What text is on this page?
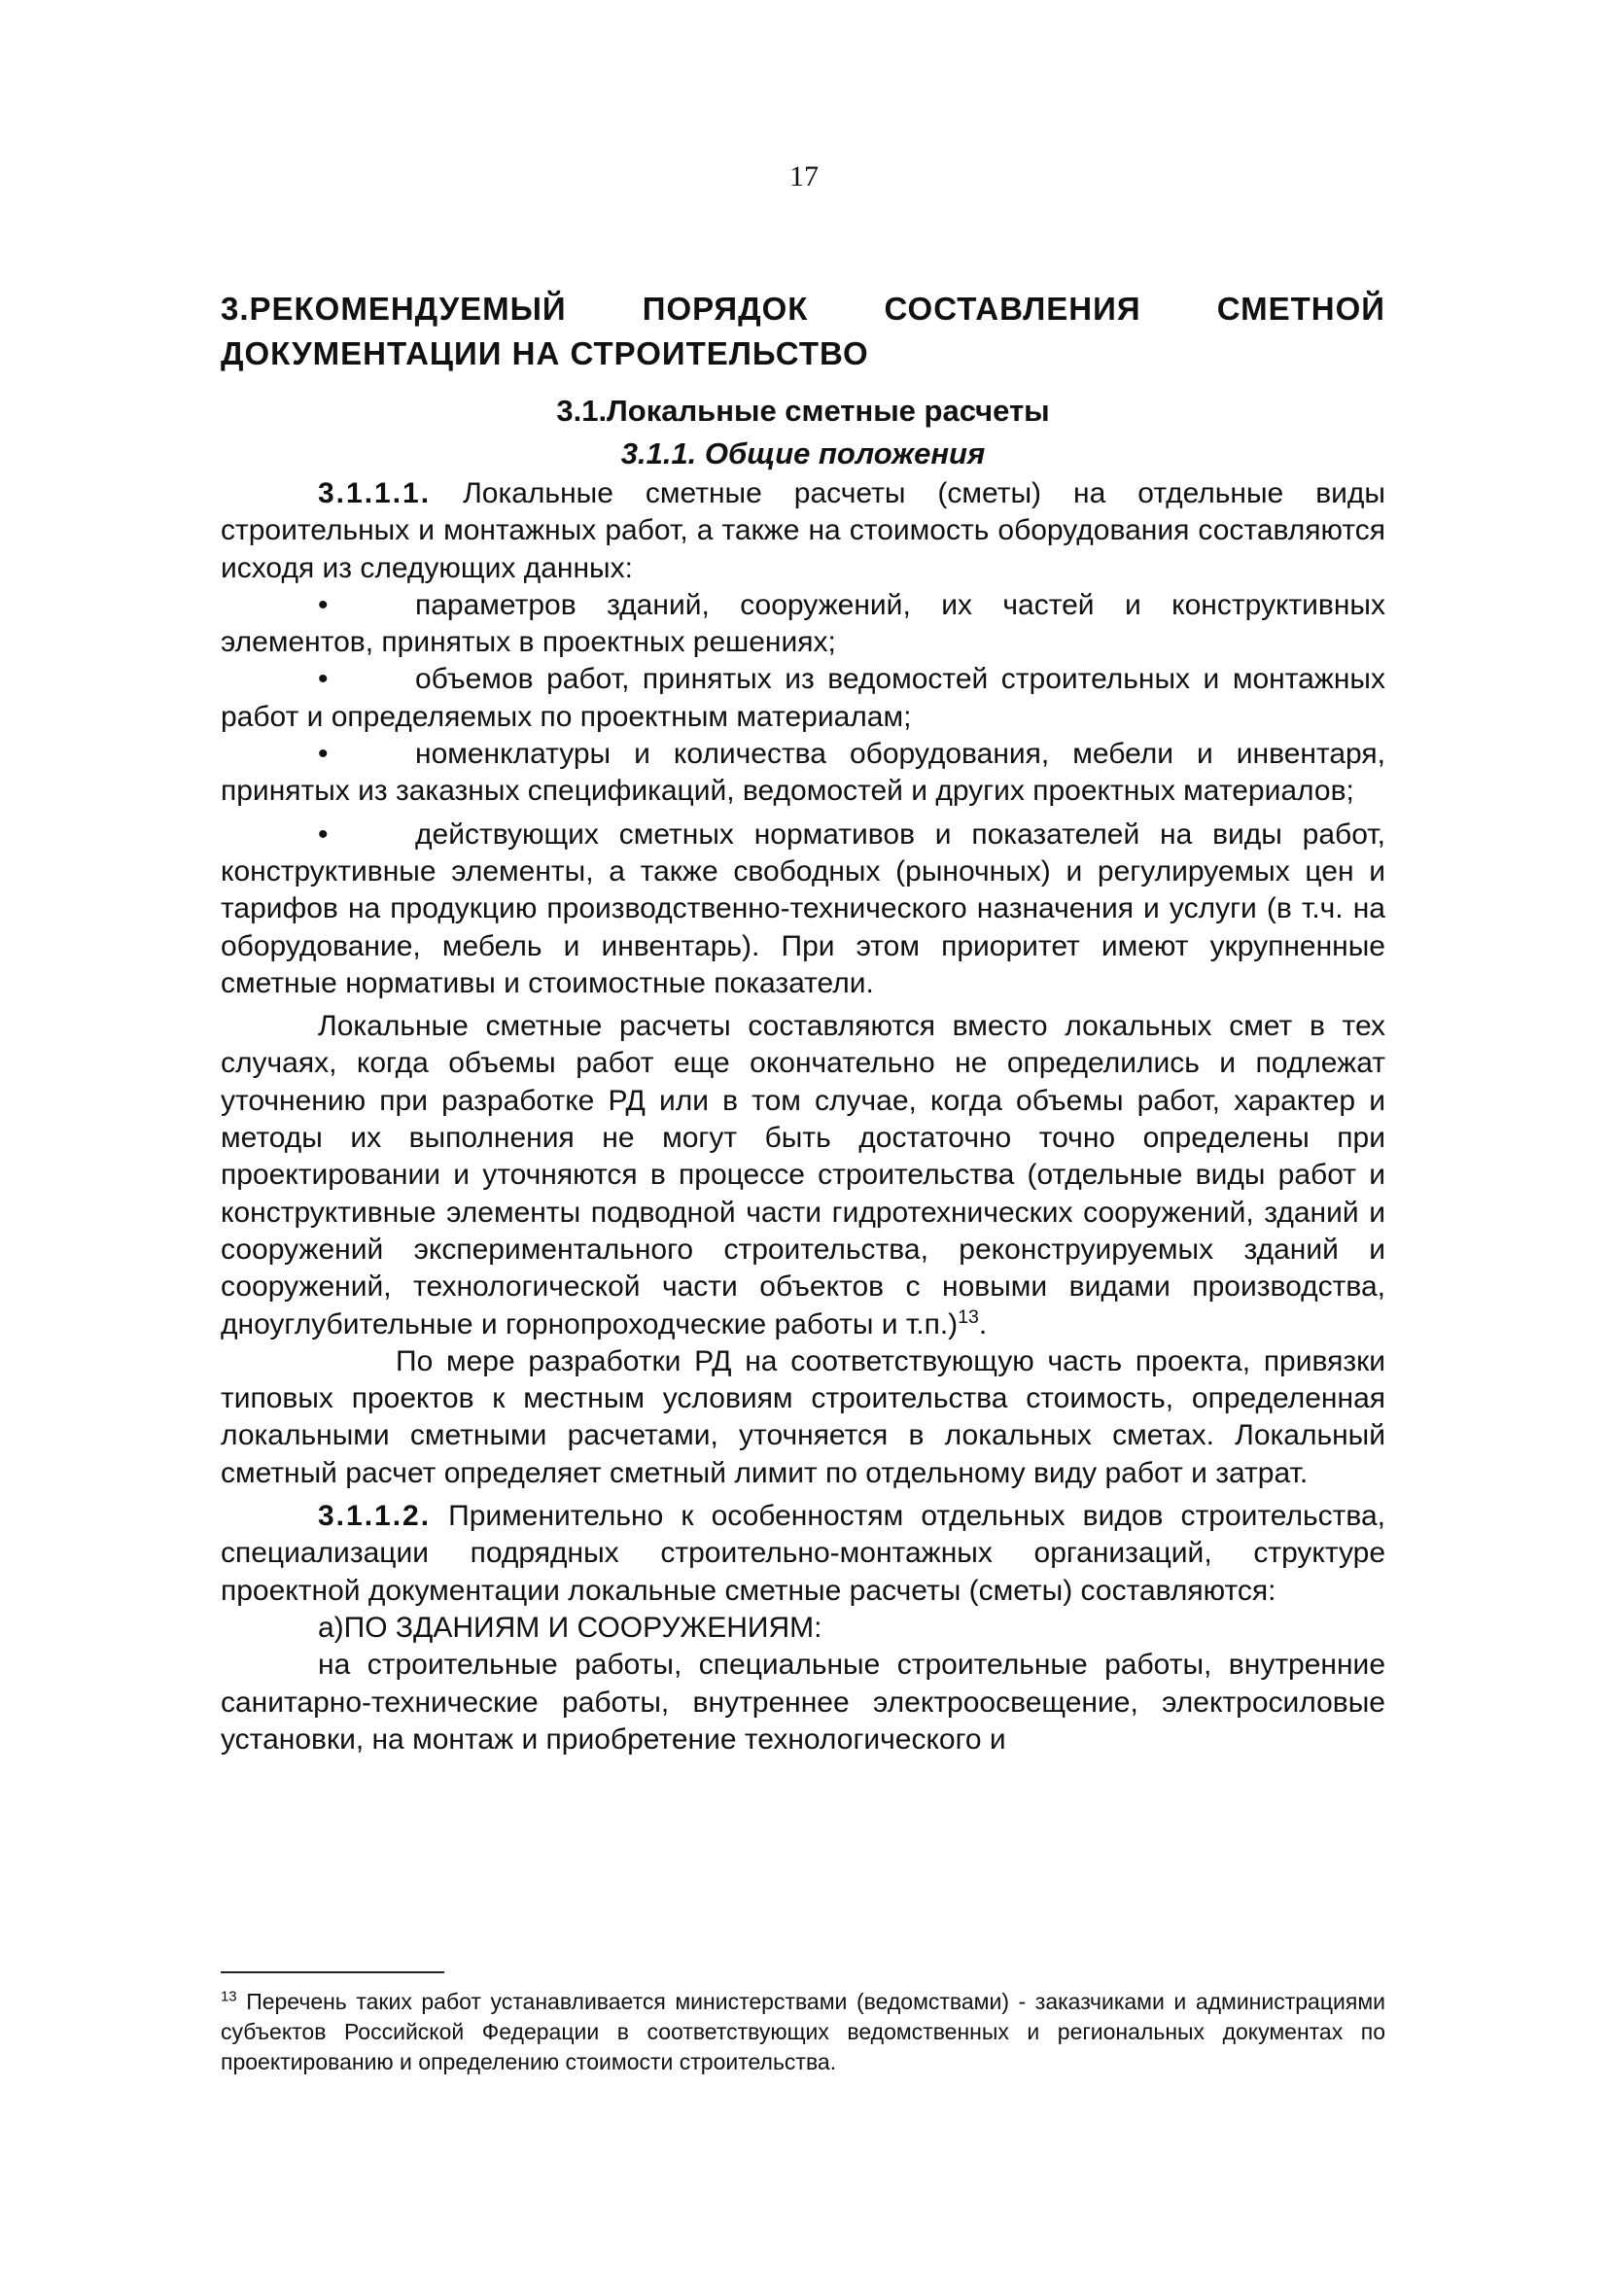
17
3.РЕКОМЕНДУЕМЫЙ ПОРЯДОК СОСТАВЛЕНИЯ СМЕТНОЙ
ДОКУМЕНТАЦИИ НА СТРОИТЕЛЬСТВО
3.1.Локальные сметные расчеты
3.1.1. Общие положения

3.1.1.1. Локальные сметные расчеты (сметы) на отдельные виды строительных и монтажных работ, а также на стоимость оборудования составляются исходя из следующих данных:

•	параметров зданий, сооружений, их частей и конструктивных элементов, принятых в проектных решениях;

•	объемов работ, принятых из ведомостей строительных и монтажных работ и определяемых по проектным материалам;

•	номенклатуры и количества оборудования, мебели и инвентаря, принятых из заказных спецификаций, ведомостей и других проектных материалов;

•	действующих сметных нормативов и показателей на виды работ, конструктивные элементы, а также свободных (рыночных) и регулируемых цен и тарифов на продукцию производственно-технического назначения и услуги (в т.ч. на оборудование, мебель и инвентарь). При этом приоритет имеют укрупненные сметные нормативы и стоимостные показатели.

Локальные сметные расчеты составляются вместо локальных смет в тех случаях, когда объемы работ еще окончательно не определились и подлежат уточнению при разработке РД или в том случае, когда объемы работ, характер и методы их выполнения не могут быть достаточно точно определены при проектировании и уточняются в процессе строительства (отдельные виды работ и конструктивные элементы подводной части гидротехнических сооружений, зданий и сооружений экспериментального строительства, реконструируемых зданий и сооружений, технологической части объектов с новыми видами производства, дноуглубительные и горнопроходческие работы и т.п.)$^{13}$.

По мере разработки РД на соответствующую часть проекта, привязки типовых проектов к местным условиям строительства стоимость, определенная локальными сметными расчетами, уточняется в локальных сметах. Локальный сметный расчет определяет сметный лимит по отдельному виду работ и затрат.

3.1.1.2. Применительно к особенностям отдельных видов строительства, специализации подрядных строительно-монтажных организаций, структуре проектной документации локальные сметные расчеты (сметы) составляются:

а)ПО ЗДАНИЯМ И СООРУЖЕНИЯМ:

на строительные работы, специальные строительные работы, внутренние санитарно-технические работы, внутреннее электроосвещение, электросиловые установки, на монтаж и приобретение технологического и

$^{13}$ Перечень таких работ устанавливается министерствами (ведомствами) - заказчиками и администрациями субъектов Российской Федерации в соответствующих ведомственных и региональных документах по проектированию и определению стоимости строительства.
